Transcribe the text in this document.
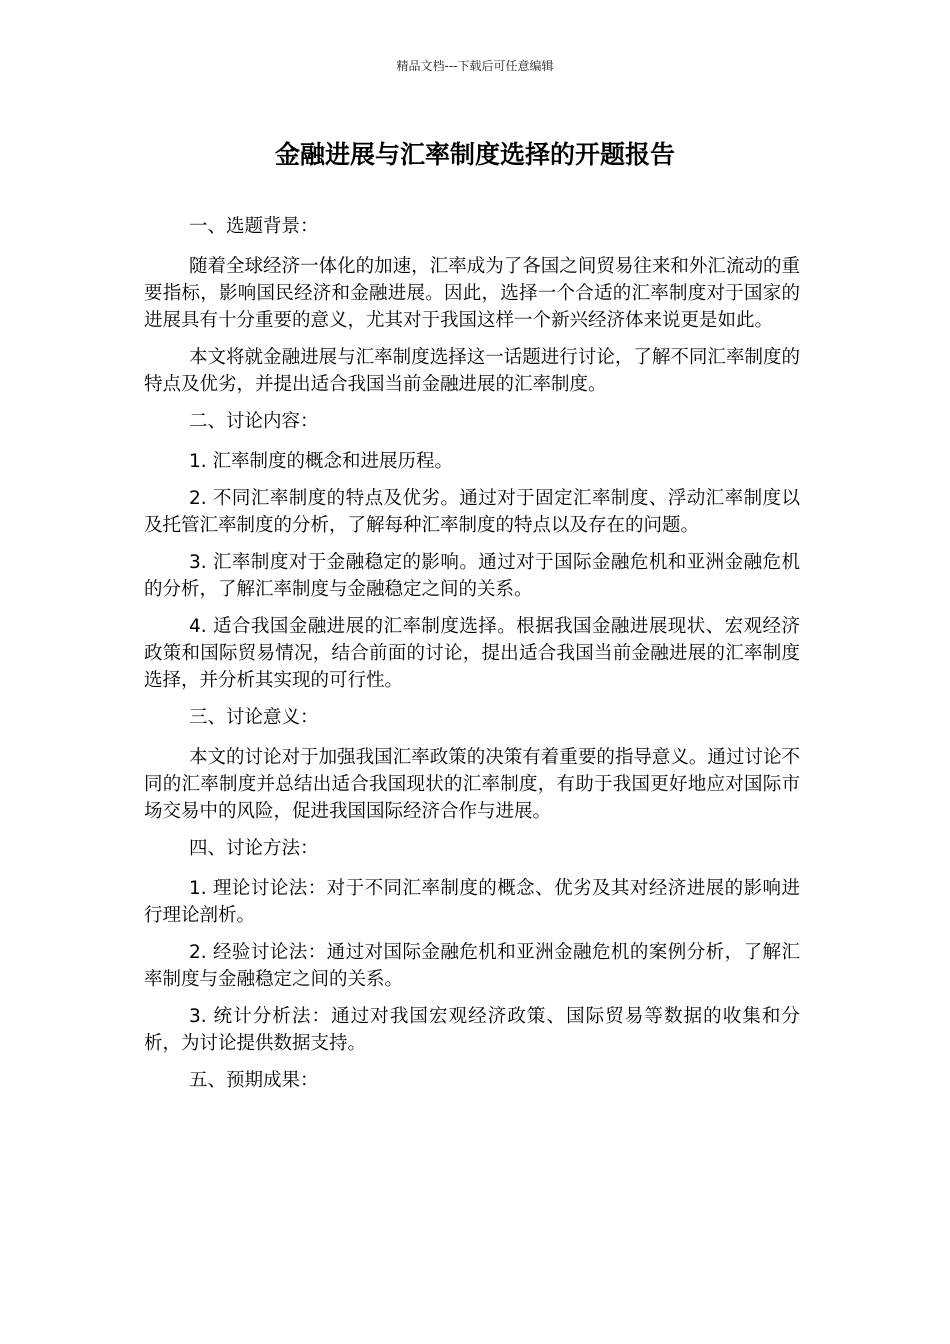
精品文档---下载后可任意编辑
金融进展与汇率制度选择的开题报告

一、选题背景：

随着全球经济一体化的加速，汇率成为了各国之间贸易往来和外汇流动的重要指标，影响国民经济和金融进展。因此，选择一个合适的汇率制度对于国家的进展具有十分重要的意义，尤其对于我国这样一个新兴经济体来说更是如此。

本文将就金融进展与汇率制度选择这一话题进行讨论，了解不同汇率制度的特点及优劣，并提出适合我国当前金融进展的汇率制度。

二、讨论内容：

1. 汇率制度的概念和进展历程。

2. 不同汇率制度的特点及优劣。通过对于固定汇率制度、浮动汇率制度以及托管汇率制度的分析，了解每种汇率制度的特点以及存在的问题。

3. 汇率制度对于金融稳定的影响。通过对于国际金融危机和亚洲金融危机的分析，了解汇率制度与金融稳定之间的关系。

4. 适合我国金融进展的汇率制度选择。根据我国金融进展现状、宏观经济政策和国际贸易情况，结合前面的讨论，提出适合我国当前金融进展的汇率制度选择，并分析其实现的可行性。

三、讨论意义：

本文的讨论对于加强我国汇率政策的决策有着重要的指导意义。通过讨论不同的汇率制度并总结出适合我国现状的汇率制度，有助于我国更好地应对国际市场交易中的风险，促进我国国际经济合作与进展。

四、讨论方法：

1. 理论讨论法：对于不同汇率制度的概念、优劣及其对经济进展的影响进行理论剖析。

2. 经验讨论法：通过对国际金融危机和亚洲金融危机的案例分析，了解汇率制度与金融稳定之间的关系。

3. 统计分析法：通过对我国宏观经济政策、国际贸易等数据的收集和分析，为讨论提供数据支持。

五、预期成果：
